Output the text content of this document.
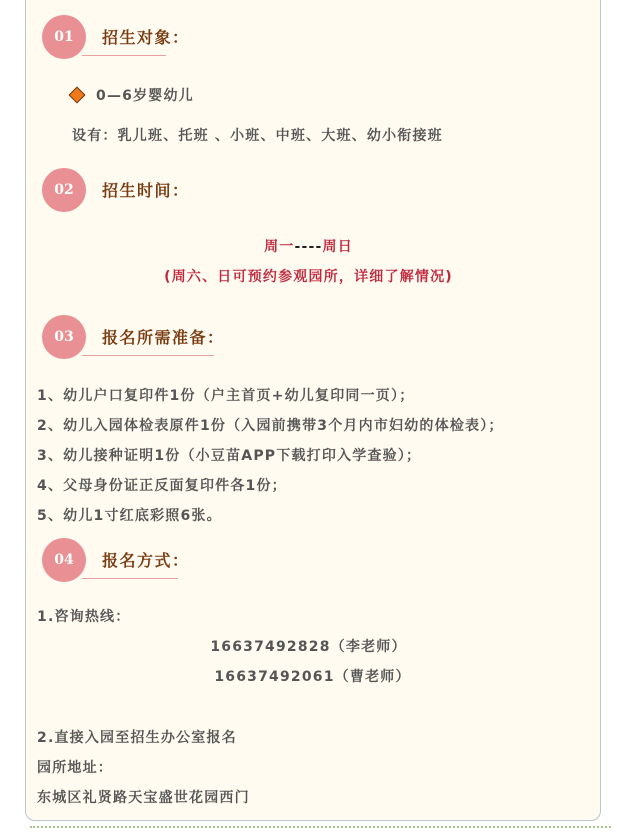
01	招生对象：
0—6岁婴幼儿
设有：乳儿班、托班 、小班、中班、大班、幼小衔接班
02	招生时间：
周一----周日
(周六、日可预约参观园所，详细了解情况)
03	报名所需准备：
1、幼儿户口复印件1份（户主首页+幼儿复印同一页）；
2、幼儿入园体检表原件1份（入园前携带3个月内市妇幼的体检表）；
3、幼儿接种证明1份（小豆苗APP下载打印入学查验）；
4、父母身份证正反面复印件各1份；
5、幼儿1寸红底彩照6张。
04	报名方式：
1.咨询热线：
16637492828（李老师）
16637492061（曹老师）
2.直接入园至招生办公室报名
园所地址：
东城区礼贤路天宝盛世花园西门
